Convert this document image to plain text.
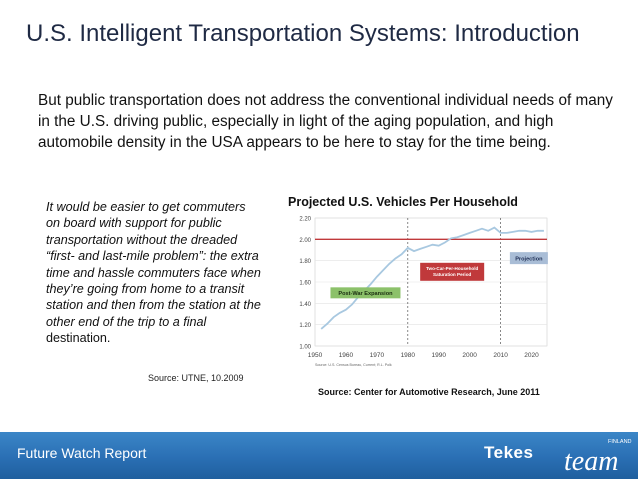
U.S. Intelligent Transportation Systems: Introduction
But public transportation does not address the conventional individual needs of many in the U.S. driving public, especially in light of the aging population, and high automobile density in the USA appears to be here to stay for the time being.
It would be easier to get commuters on board with support for public transportation without the dreaded “first- and last-mile problem”: the extra time and hassle commuters face when they’re going from home to a transit station and then from the station at the other end of the trip to a final destination.
Source: UTNE, 10.2009
Projected U.S. Vehicles Per Household
1.00
1.20
1.40
1.60
1.80
2.00
2.20
1950	1960	1970	1980	1990	2000	2010	2020
Post-War Expansion
Two-Car-Per-Household Saturation Period
Projection
Source: U.S. Census Bureau, Current; R.L. Polk
Source: Center for Automotive Research, June 2011
Future Watch Report	Tekes
FINLAND
team
